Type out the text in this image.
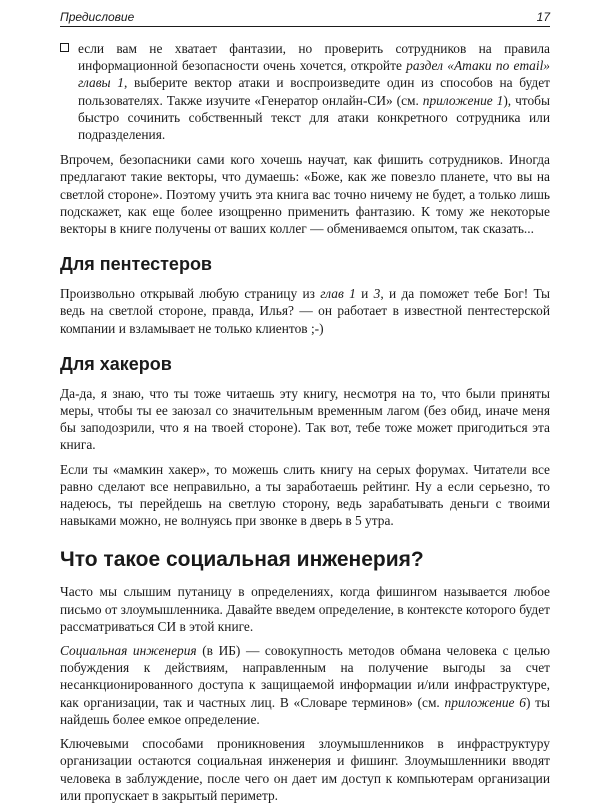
Предисловие	17
если вам не хватает фантазии, но проверить сотрудников на правила информационной безопасности очень хочется, откройте раздел «Атаки по email» главы 1, выберите вектор атаки и воспроизведите один из способов на будет пользователях. Также изучите «Генератор онлайн-СИ» (см. приложение 1), чтобы быстро сочинить собственный текст для атаки конкретного сотрудника или подразделения.

Впрочем, безопасники сами кого хочешь научат, как фишить сотрудников. Иногда предлагают такие векторы, что думаешь: «Боже, как же повезло планете, что вы на светлой стороне». Поэтому учить эта книга вас точно ничему не будет, а только лишь подскажет, как еще более изощренно применить фантазию. К тому же некоторые векторы в книге получены от ваших коллег — обмениваемся опытом, так сказать...

Для пентестеров

Произвольно открывай любую страницу из глав 1 и 3, и да поможет тебе Бог! Ты ведь на светлой стороне, правда, Илья? — он работает в известной пентестерской компании и взламывает не только клиентов ;-)

Для хакеров

Да-да, я знаю, что ты тоже читаешь эту книгу, несмотря на то, что были приняты меры, чтобы ты ее заюзал со значительным временным лагом (без обид, иначе меня бы заподозрили, что я на твоей стороне). Так вот, тебе тоже может пригодиться эта книга.

Если ты «мамкин хакер», то можешь слить книгу на серых форумах. Читатели все равно сделают все неправильно, а ты заработаешь рейтинг. Ну а если серьезно, то надеюсь, ты перейдешь на светлую сторону, ведь зарабатывать деньги с твоими навыками можно, не волнуясь при звонке в дверь в 5 утра.

Что такое социальная инженерия?

Часто мы слышим путаницу в определениях, когда фишингом называется любое письмо от злоумышленника. Давайте введем определение, в контексте которого будет рассматриваться СИ в этой книге.

Социальная инженерия (в ИБ) — совокупность методов обмана человека с целью побуждения к действиям, направленным на получение выгоды за счет несанкционированного доступа к защищаемой информации и/или инфраструктуре, как организации, так и частных лиц. В «Словаре терминов» (см. приложение 6) ты найдешь более емкое определение.

Ключевыми способами проникновения злоумышленников в инфраструктуру организации остаются социальная инженерия и фишинг. Злоумышленники вводят человека в заблуждение, после чего он дает им доступ к компьютерам организации или пропускает в закрытый периметр.
